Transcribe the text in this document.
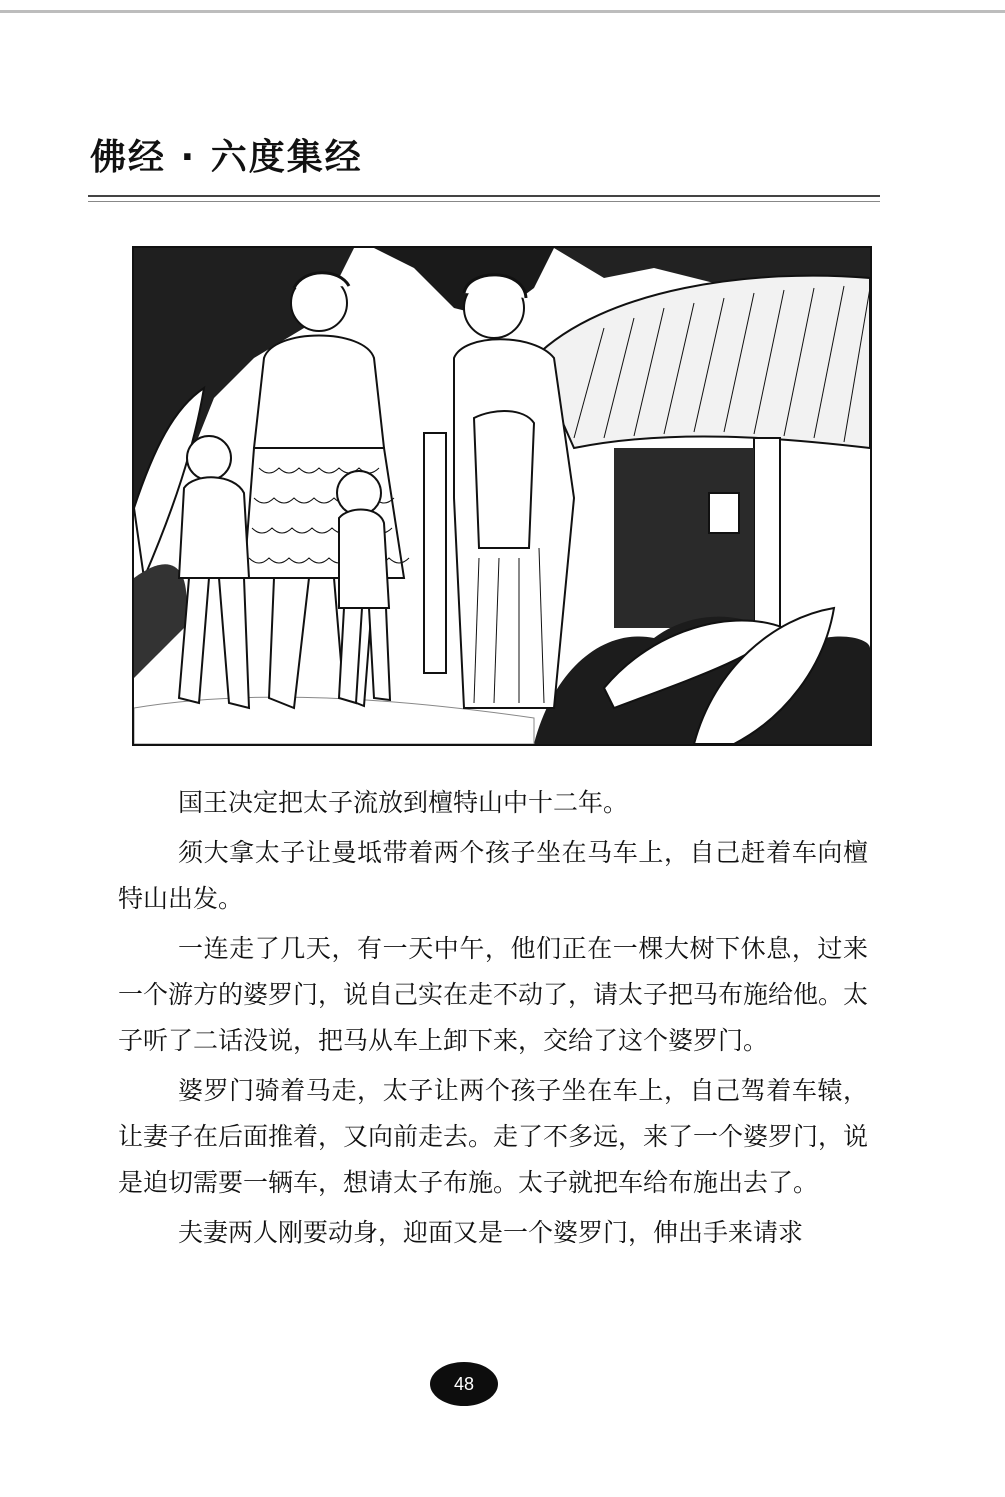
佛经 · 六度集经

国王决定把太子流放到檀特山中十二年。

须大拿太子让曼坻带着两个孩子坐在马车上，自己赶着车向檀特山出发。

一连走了几天，有一天中午，他们正在一棵大树下休息，过来一个游方的婆罗门，说自己实在走不动了，请太子把马布施给他。太子听了二话没说，把马从车上卸下来，交给了这个婆罗门。

婆罗门骑着马走，太子让两个孩子坐在车上，自己驾着车辕，让妻子在后面推着，又向前走去。走了不多远，来了一个婆罗门，说是迫切需要一辆车，想请太子布施。太子就把车给布施出去了。

夫妻两人刚要动身，迎面又是一个婆罗门，伸出手来请求

48
